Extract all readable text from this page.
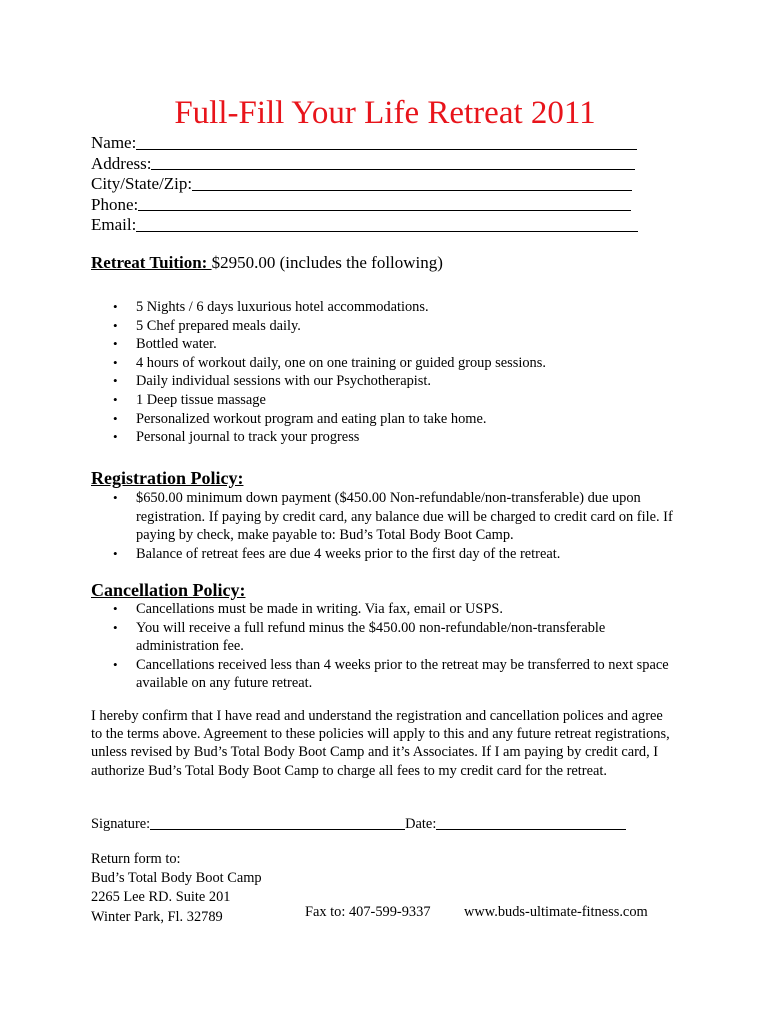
Full-Fill Your Life Retreat 2011
Name:
Address:
City/State/Zip:
Phone:
Email:
Retreat Tuition: $2950.00 (includes the following)
• 5 Nights / 6 days luxurious hotel accommodations.
• 5 Chef prepared meals daily.
• Bottled water.
• 4 hours of workout daily, one on one training or guided group sessions.
• Daily individual sessions with our Psychotherapist.
• 1 Deep tissue massage
• Personalized workout program and eating plan to take home.
• Personal journal to track your progress
Registration Policy:
• $650.00 minimum down payment ($450.00 Non-refundable/non-transferable) due upon registration. If paying by credit card, any balance due will be charged to credit card on file. If paying by check, make payable to: Bud’s Total Body Boot Camp.
• Balance of retreat fees are due 4 weeks prior to the first day of the retreat.
Cancellation Policy:
• Cancellations must be made in writing. Via fax, email or USPS.
• You will receive a full refund minus the $450.00 non-refundable/non-transferable administration fee.
• Cancellations received less than 4 weeks prior to the retreat may be transferred to next space available on any future retreat.
I hereby confirm that I have read and understand the registration and cancellation polices and agree to the terms above. Agreement to these policies will apply to this and any future retreat registrations, unless revised by Bud’s Total Body Boot Camp and it’s Associates. If I am paying by credit card, I authorize Bud’s Total Body Boot Camp to charge all fees to my credit card for the retreat.
Signature:	Date:
Return form to:
Bud’s Total Body Boot Camp
2265 Lee RD. Suite 201
Winter Park, Fl. 32789	Fax to: 407-599-9337 www.buds-ultimate-fitness.com
